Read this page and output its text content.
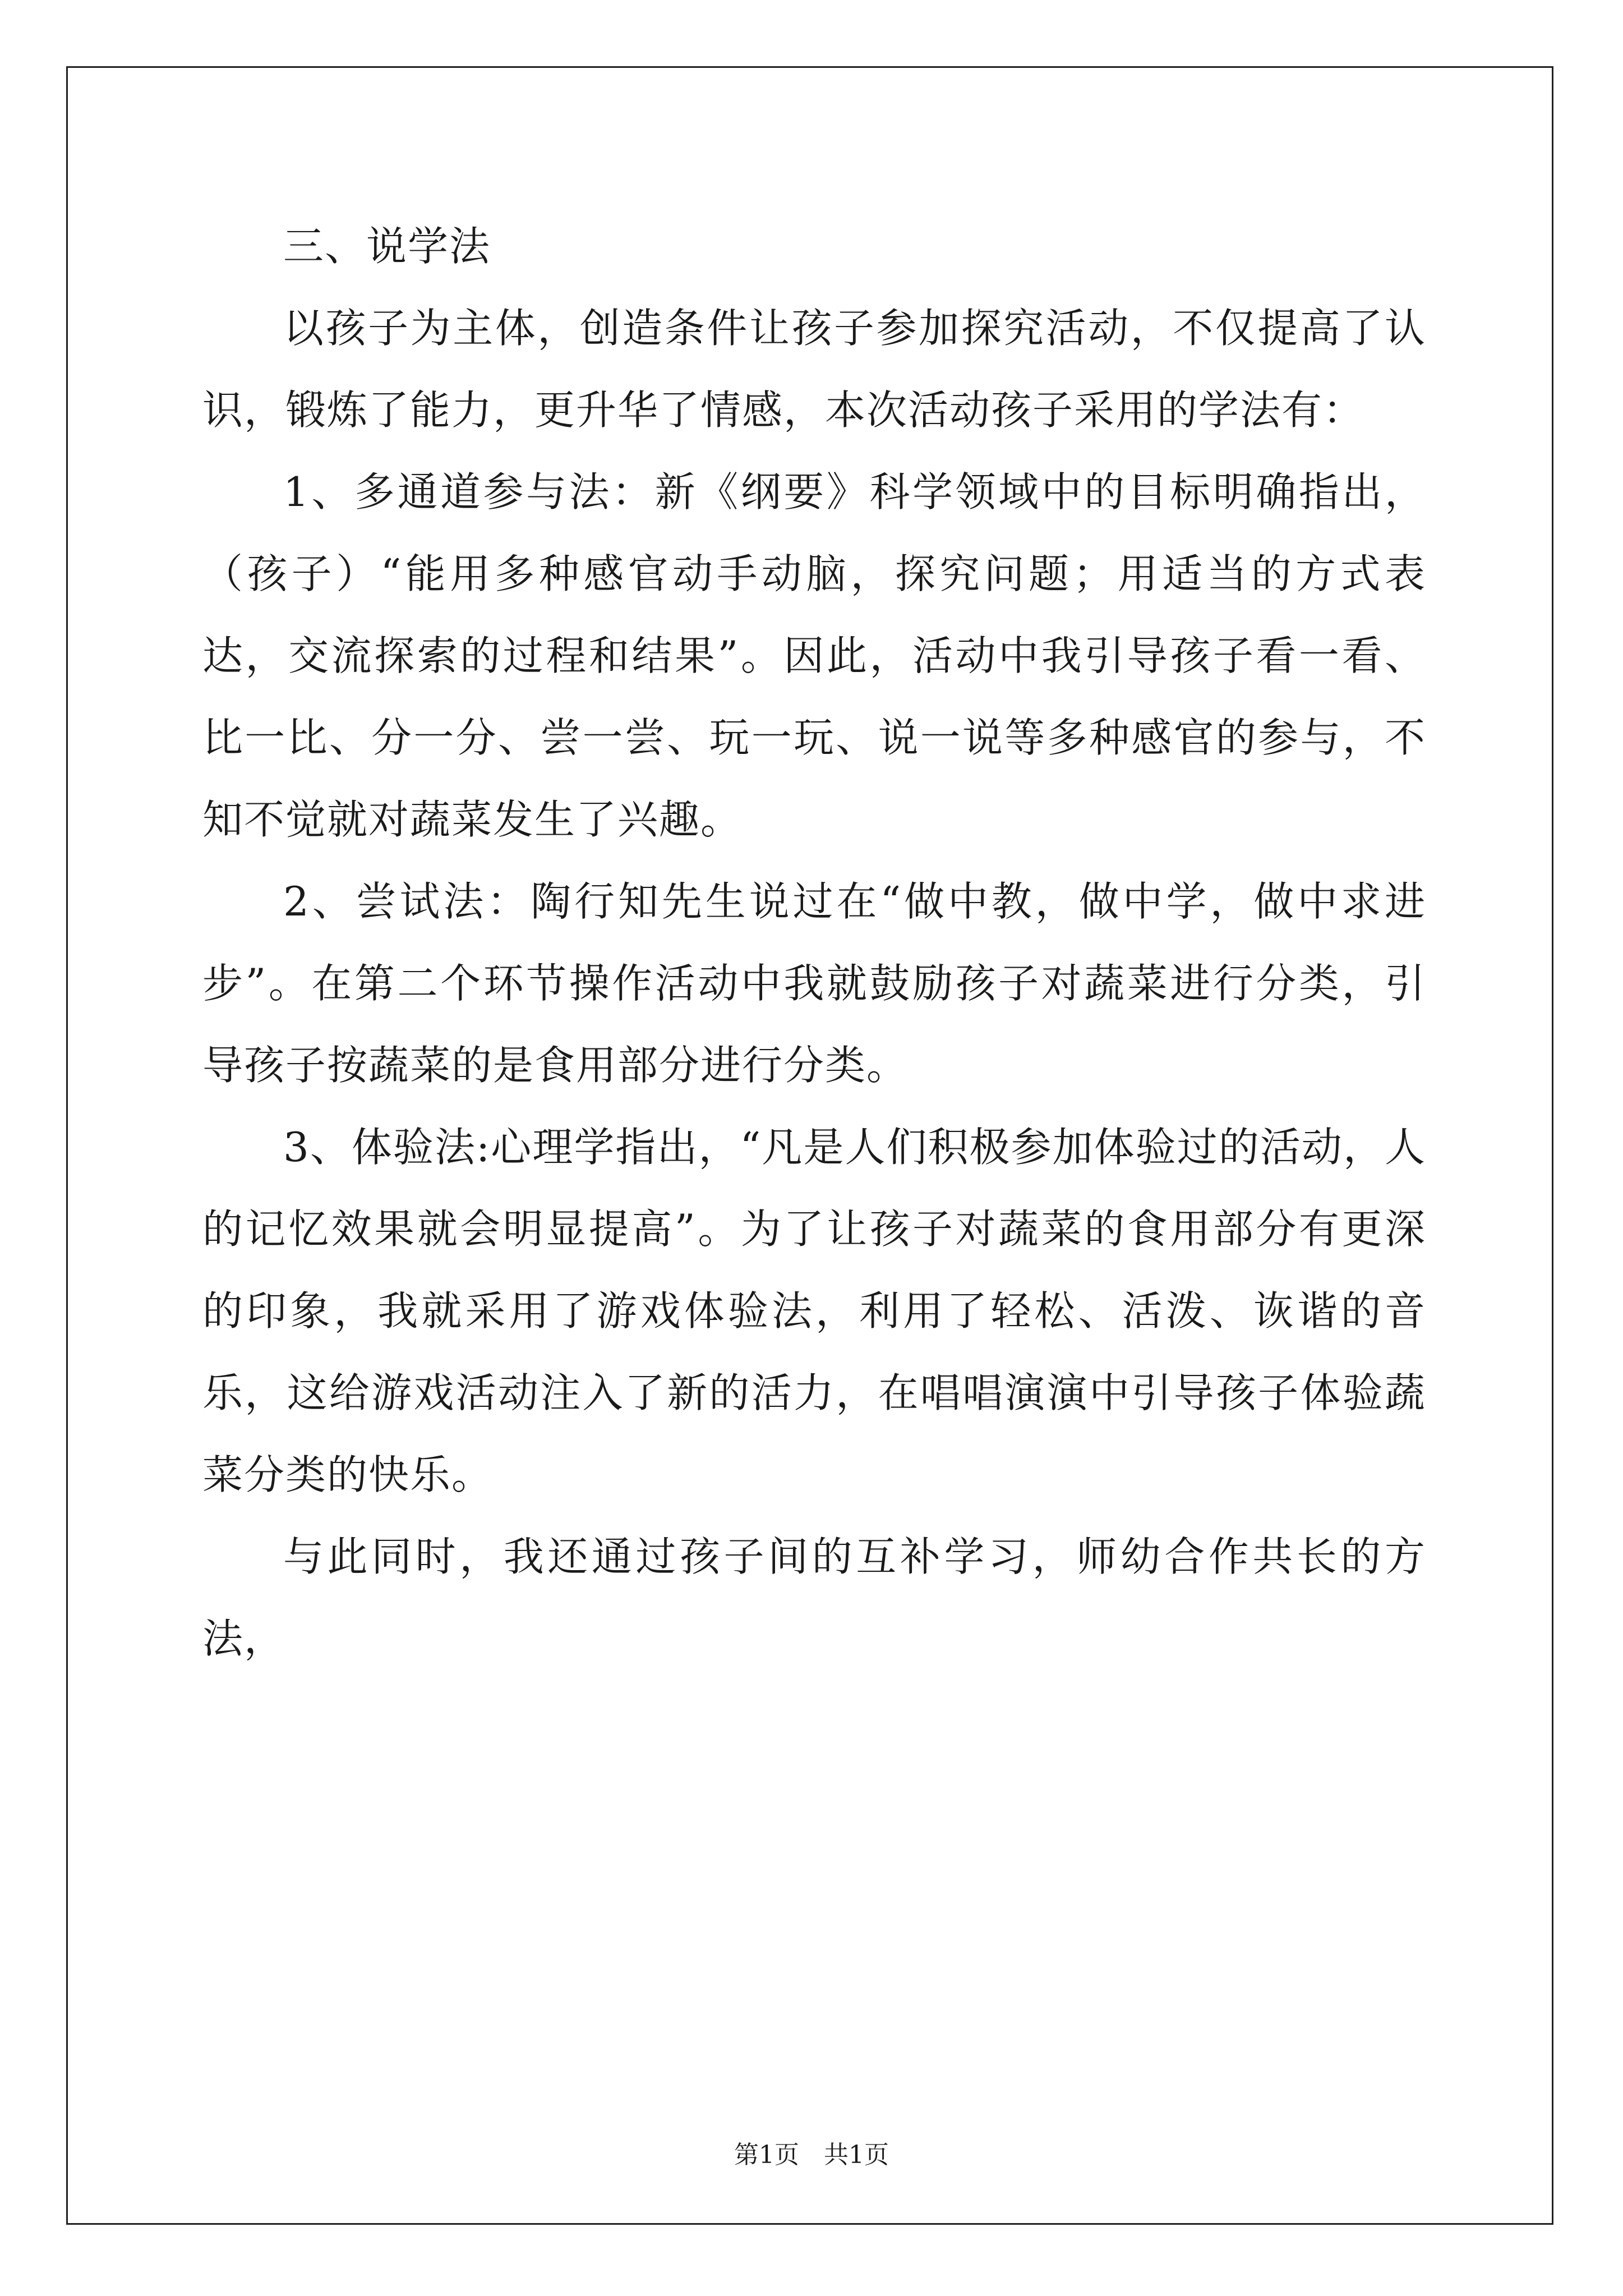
三、说学法

以孩子为主体，创造条件让孩子参加探究活动，不仅提高了认识，锻炼了能力，更升华了情感，本次活动孩子采用的学法有：

1、多通道参与法：新《纲要》科学领域中的目标明确指出，（孩子）“能用多种感官动手动脑，探究问题；用适当的方式表达，交流探索的过程和结果”。因此，活动中我引导孩子看一看、比一比、分一分、尝一尝、玩一玩、说一说等多种感官的参与，不知不觉就对蔬菜发生了兴趣。

2、尝试法：陶行知先生说过在“做中教，做中学，做中求进步”。在第二个环节操作活动中我就鼓励孩子对蔬菜进行分类，引导孩子按蔬菜的是食用部分进行分类。

3、体验法:心理学指出，“凡是人们积极参加体验过的活动，人的记忆效果就会明显提高”。为了让孩子对蔬菜的食用部分有更深的印象，我就采用了游戏体验法，利用了轻松、活泼、诙谐的音乐，这给游戏活动注入了新的活力，在唱唱演演中引导孩子体验蔬菜分类的快乐。

与此同时，我还通过孩子间的互补学习，师幼合作共长的方法，

第1页 共1页
